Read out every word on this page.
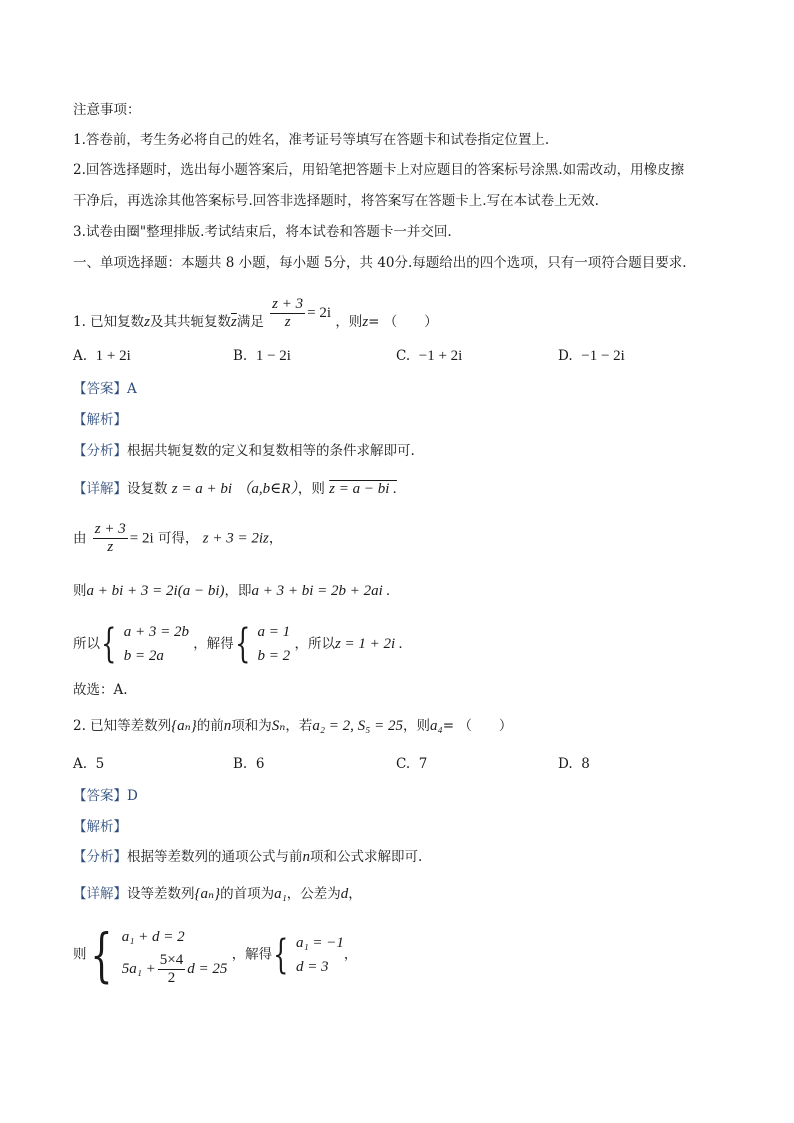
注意事项：
1.答卷前，考生务必将自己的姓名，准考证号等填写在答题卡和试卷指定位置上.
2.回答选择题时，选出每小题答案后，用铅笔把答题卡上对应题目的答案标号涂黑.如需改动，用橡皮擦
干净后，再选涂其他答案标号.回答非选择题时，将答案写在答题卡上.写在本试卷上无效.
3.试卷由圈"整理排版.考试结束后，将本试卷和答题卡一并交回.
一、单项选择题：本题共 8 小题，每小题 5分，共 40分.每题给出的四个选项，只有一项符合题目要求.
1. 已知复数z及其共轭复数$\overline{z}$满足 $\frac{z + 3}{z} = 2i$ ，则z= （　　）
A. 1 + 2i	B. 1 − 2i	C. −1 + 2i	D. −1 − 2i
【答案】A
【解析】
【分析】根据共轭复数的定义和复数相等的条件求解即可.
【详解】设复数 z = a + bi （a,b∈R），则 z = a − bi .
由 $\frac{z + 3}{z} = 2i$ 可得， z + 3 = 2iz，
则a + bi + 3 = 2i(a − bi)，即a + 3 + bi = 2b + 2ai .
所以{ a + 3 = 2b
b = 2a
，解得{ a = 1
b = 2
，所以z = 1 + 2i .
故选：A.
2. 已知等差数列{aₙ}的前n项和为Sₙ，若a₂ = 2, S₅ = 25，则a₄= （　　）
A. 5	B. 6	C. 7	D. 8
【答案】D
【解析】
【分析】根据等差数列的通项公式与前n项和公式求解即可.
【详解】设等差数列{aₙ}的首项为a₁，公差为d，
则{ a₁ + d = 2
$5a_1 + \frac{5\times 4}{2}$ d = 25
，解得{ a₁ = −1
d = 3
，
